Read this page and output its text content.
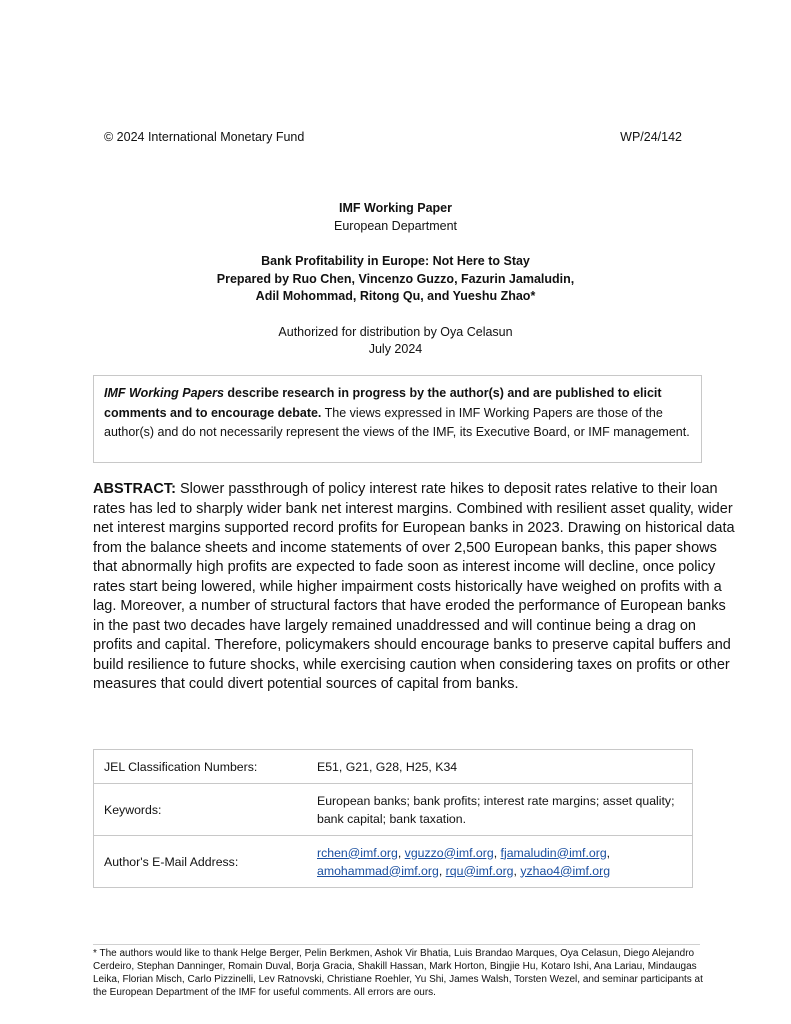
© 2024 International Monetary Fund	WP/24/142
IMF Working Paper
European Department
Bank Profitability in Europe: Not Here to Stay
Prepared by Ruo Chen, Vincenzo Guzzo, Fazurin Jamaludin,
Adil Mohommad, Ritong Qu, and Yueshu Zhao*
Authorized for distribution by Oya Celasun
July 2024
IMF Working Papers describe research in progress by the author(s) and are published to elicit comments and to encourage debate. The views expressed in IMF Working Papers are those of the author(s) and do not necessarily represent the views of the IMF, its Executive Board, or IMF management.
ABSTRACT: Slower passthrough of policy interest rate hikes to deposit rates relative to their loan
rates has led to sharply wider bank net interest margins. Combined with resilient asset quality, wider
net interest margins supported record profits for European banks in 2023. Drawing on historical data
from the balance sheets and income statements of over 2,500 European banks, this paper shows
that abnormally high profits are expected to fade soon as interest income will decline, once policy
rates start being lowered, while higher impairment costs historically have weighed on profits with a
lag. Moreover, a number of structural factors that have eroded the performance of European banks
in the past two decades have largely remained unaddressed and will continue being a drag on
profits and capital. Therefore, policymakers should encourage banks to preserve capital buffers and
build resilience to future shocks, while exercising caution when considering taxes on profits or other
measures that could divert potential sources of capital from banks.
JEL Classification Numbers:	E51, G21, G28, H25, K34
Keywords:	European banks; bank profits; interest rate margins; asset quality; bank capital; bank taxation.
Author's E-Mail Address:	rchen@imf.org, vguzzo@imf.org, fjamaludin@imf.org,
amohammad@imf.org, rqu@imf.org, yzhao4@imf.org
* The authors would like to thank Helge Berger, Pelin Berkmen, Ashok Vir Bhatia, Luis Brandao Marques, Oya Celasun, Diego Alejandro Cerdeiro, Stephan Danninger, Romain Duval, Borja Gracia, Shakill Hassan, Mark Horton, Bingjie Hu, Kotaro Ishi, Ana Lariau, Mindaugas Leika, Florian Misch, Carlo Pizzinelli, Lev Ratnovski, Christiane Roehler, Yu Shi, James Walsh, Torsten Wezel, and seminar participants at the European Department of the IMF for useful comments. All errors are ours.
